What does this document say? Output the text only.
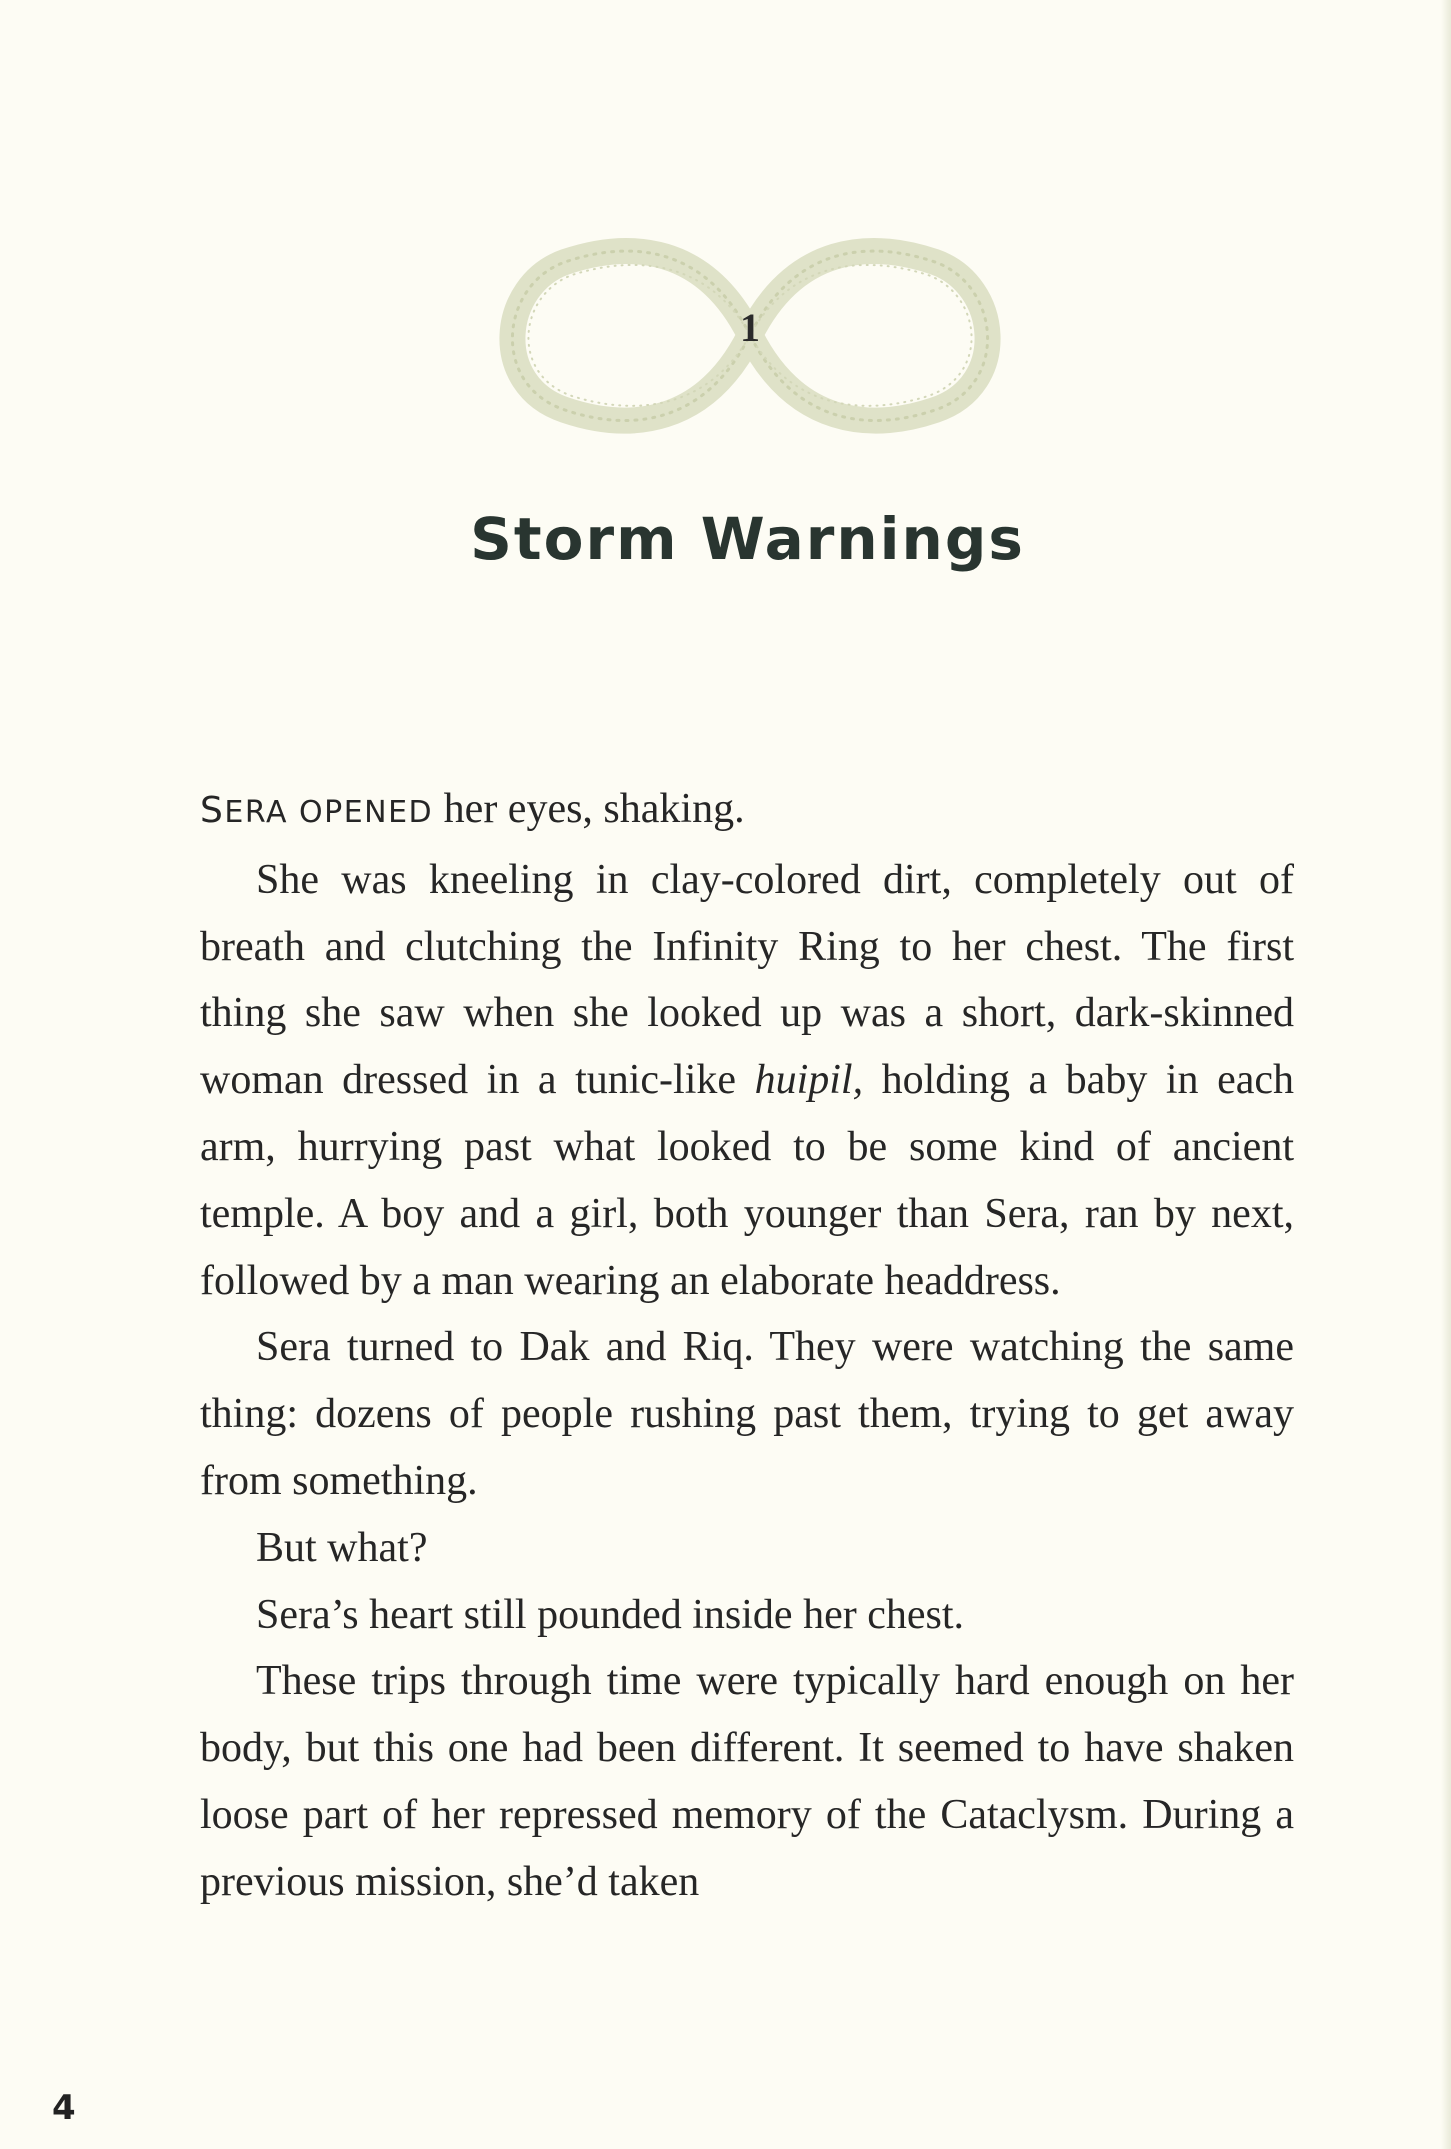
1
Storm Warnings

SERA OPENED her eyes, shaking.

She was kneeling in clay-colored dirt, completely out of breath and clutching the Infinity Ring to her chest. The first thing she saw when she looked up was a short, dark-skinned woman dressed in a tunic-like huipil, holding a baby in each arm, hurrying past what looked to be some kind of ancient temple. A boy and a girl, both younger than Sera, ran by next, followed by a man wearing an elaborate headdress.

Sera turned to Dak and Riq. They were watching the same thing: dozens of people rushing past them, trying to get away from something.

But what?

Sera’s heart still pounded inside her chest.

These trips through time were typically hard enough on her body, but this one had been different. It seemed to have shaken loose part of her repressed memory of the Cataclysm. During a previous mission, she’d taken

4
